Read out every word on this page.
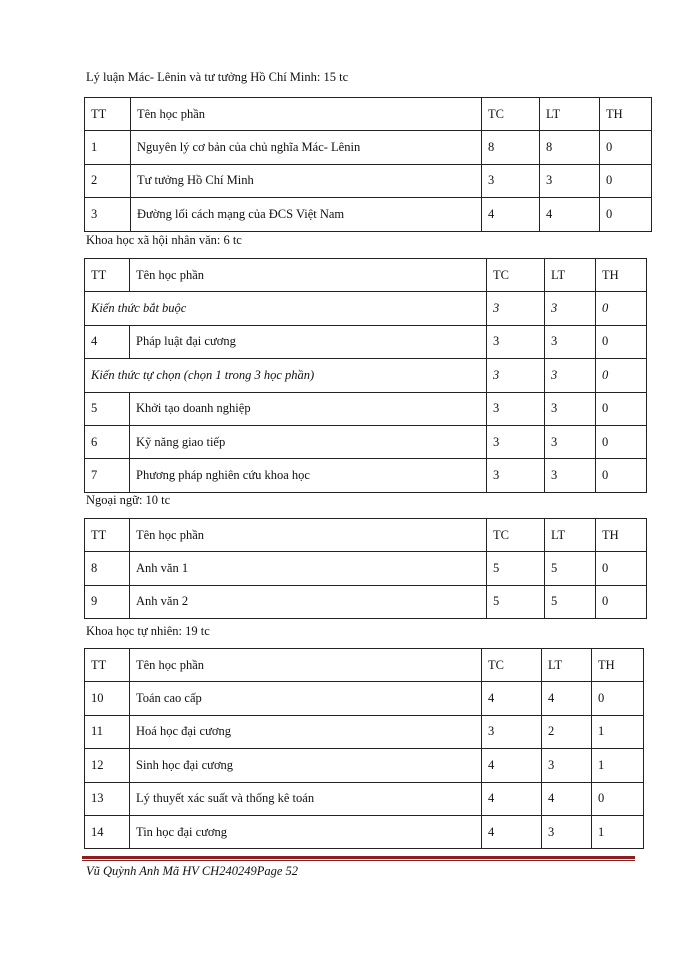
Lý luận Mác- Lênin và tư tưởng Hồ Chí Minh: 15 tc
TT	Tên học phần	TC	LT	TH
1	Nguyên lý cơ bản của chủ nghĩa Mác- Lênin	8	8	0
2	Tư tưởng Hồ Chí Minh	3	3	0
3	Đường lối cách mạng của ĐCS Việt Nam	4	4	0
Khoa học xã hội nhân văn: 6 tc
TT	Tên học phần	TC	LT	TH
Kiến thức bắt buộc		3	3	0
4	Pháp luật đại cương	3	3	0
Kiến thức tự chọn (chọn 1 trong 3 học phần)		3	3	0
5	Khởi tạo doanh nghiệp	3	3	0
6	Kỹ năng giao tiếp	3	3	0
7	Phương pháp nghiên cứu khoa học	3	3	0
Ngoại ngữ: 10 tc
TT	Tên học phần	TC	LT	TH
8	Anh văn 1	5	5	0
9	Anh văn 2	5	5	0
Khoa học tự nhiên: 19 tc
TT	Tên học phần	TC	LT	TH
10	Toán cao cấp	4	4	0
11	Hoá học đại cương	3	2	1
12	Sinh học đại cương	4	3	1
13	Lý thuyết xác suất và thống kê toán	4	4	0
14	Tin học đại cương	4	3	1
Vũ Quỳnh Anh Mã HV CH240249Page 52
